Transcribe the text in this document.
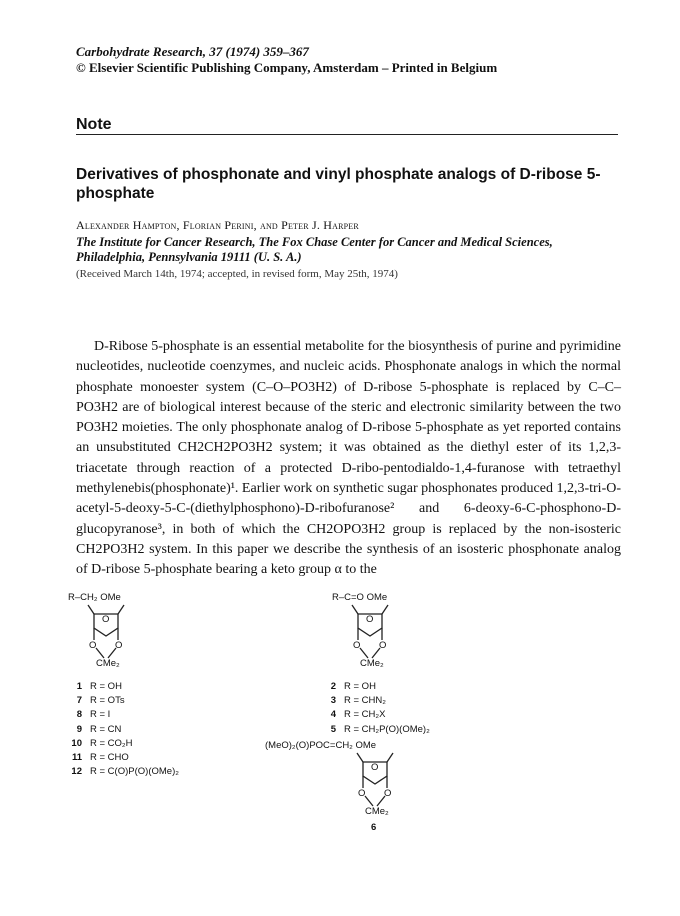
Carbohydrate Research, 37 (1974) 359–367
© Elsevier Scientific Publishing Company, Amsterdam – Printed in Belgium
Note
Derivatives of phosphonate and vinyl phosphate analogs of D-ribose 5-phosphate
Alexander Hampton, Florian Perini, and Peter J. Harper
The Institute for Cancer Research, The Fox Chase Center for Cancer and Medical Sciences,
Philadelphia, Pennsylvania 19111 (U. S. A.)
(Received March 14th, 1974; accepted, in revised form, May 25th, 1974)

D-Ribose 5-phosphate is an essential metabolite for the biosynthesis of purine and pyrimidine nucleotides, nucleotide coenzymes, and nucleic acids. Phosphonate analogs in which the normal phosphate monoester system (C–O–PO3H2) of D-ribose 5-phosphate is replaced by C–C–PO3H2 are of biological interest because of the steric and electronic similarity between the two PO3H2 moieties. The only phosphonate analog of D-ribose 5-phosphate as yet reported contains an unsubstituted CH2CH2PO3H2 system; it was obtained as the diethyl ester of its 1,2,3-triacetate through reaction of a protected D-ribo-pentodialdo-1,4-furanose with tetraethyl methylenebis(phosphonate)¹. Earlier work on synthetic sugar phosphonates produced 1,2,3-tri-O-acetyl-5-deoxy-5-C-(diethylphosphono)-D-ribofuranose² and 6-deoxy-6-C-phosphono-D-glucopyranose³, in both of which the CH2OPO3H2 group is replaced by the non-isosteric CH2PO3H2 system. In this paper we describe the synthesis of an isosteric phosphonate analog of D-ribose 5-phosphate bearing a keto group α to the

R–CH₂ OMe
O
O O
CMe₂
1 R = OH
7 R = OTs
8 R = I
9 R = CN
10 R = CO₂H
11 R = CHO
12 R = C(O)P(O)(OMe)₂
R–C=O OMe
O
O O
CMe₂
2 R = OH
3 R = CHN₂
4 R = CH₂X
5 R = CH₂P(O)(OMe)₂
(MeO)₂(O)POC=CH₂ OMe
O
O O
CMe₂
6
